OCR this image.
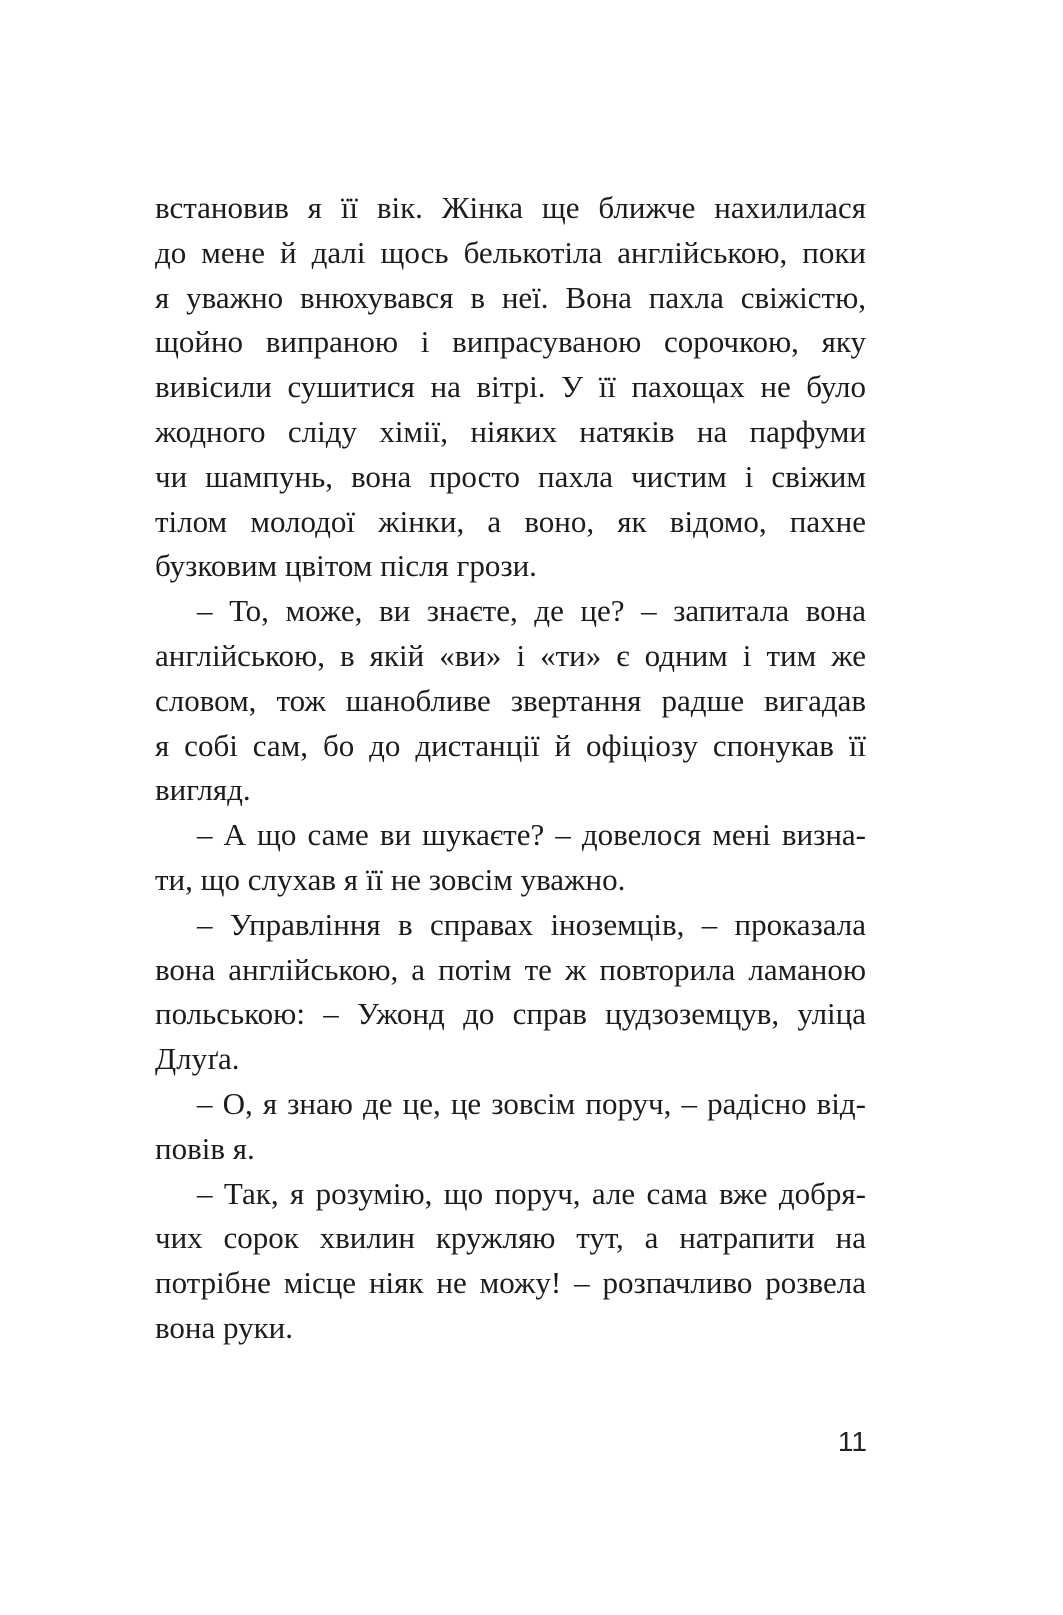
встановив я її вік. Жінка ще ближче нахилилася
до мене й далі щось белькотіла англійською, поки
я уважно внюхувався в неї. Вона пахла свіжістю,
щойно випраною і випрасуваною сорочкою, яку
вивісили сушитися на вітрі. У її пахощах не було
жодного сліду хімії, ніяких натяків на парфуми
чи шампунь, вона просто пахла чистим і свіжим
тілом молодої жінки, а воно, як відомо, пахне
бузковим цвітом після грози.

– То, може, ви знаєте, де це? – запитала вона
англійською, в якій «ви» і «ти» є одним і тим же
словом, тож шанобливе звертання радше вигадав
я собі сам, бо до дистанції й офіціозу спонукав її
вигляд.

– А що саме ви шукаєте? – довелося мені визна-
ти, що слухав я її не зовсім уважно.

– Управління в справах іноземців, – проказала
вона англійською, а потім те ж повторила ламаною
польською: – Ужонд до справ цудзоземцув, уліца
Длуґа.

– О, я знаю де це, це зовсім поруч, – радісно від-
повів я.

– Так, я розумію, що поруч, але сама вже добря-
чих сорок хвилин кружляю тут, а натрапити на
потрібне місце ніяк не можу! – розпачливо розвела
вона руки.

11
